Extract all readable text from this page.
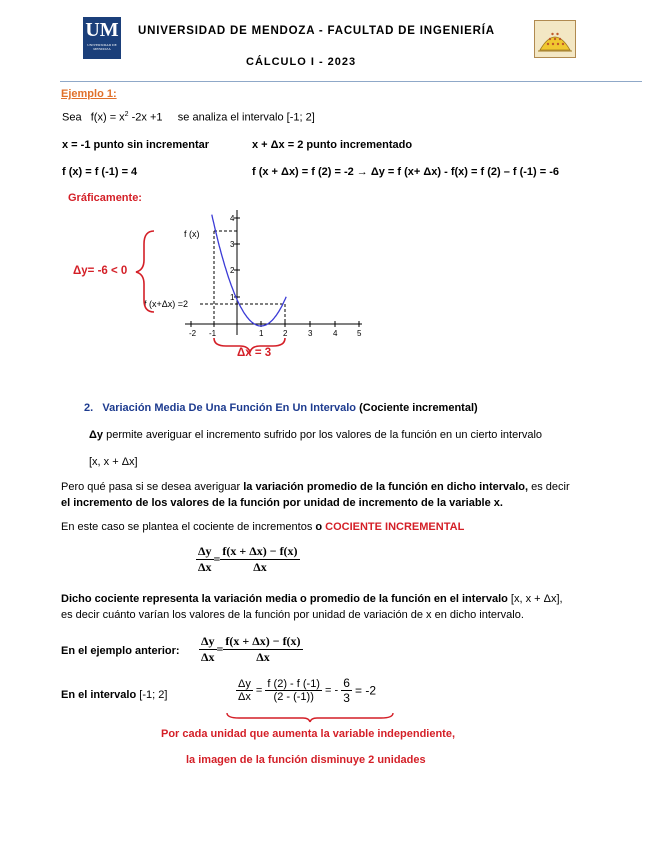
UM
UNIVERSIDAD DE MENDOZA
UNIVERSIDAD DE MENDOZA - FACULTAD DE INGENIERÍA
CÁLCULO I - 2023
Ejemplo 1:
Sea $f(x) = x^2$ -2x +1 se analiza el intervalo [-1; 2]
x = -1 punto sin incrementar	x + Δx = 2 punto incrementado
f (x) = f (-1) = 4	f (x + Δx) = f (2) = -2 → Δy = f (x+ Δx) - f(x) = f (2) – f (-1) = -6
Gráficamente:
-2 -1	1 2	3	4 5
1
2
3
4
f (x)
f (x+Δx) =2
Δy= -6 < 0
Δx = 3
2. Variación Media De Una Función En Un Intervalo (Cociente incremental)
Δy permite averiguar el incremento sufrido por los valores de la función en un cierto intervalo
[x, x + Δx]
Pero qué pasa si se desea averiguar la variación promedio de la función en dicho intervalo, es decir
el incremento de los valores de la función por unidad de incremento de la variable x.
En este caso se plantea el cociente de incrementos o COCIENTE INCREMENTAL
$\frac{\Delta y}{\Delta x} = \frac{f(x + \Delta x) - f(x)}{\Delta x}$
Dicho cociente representa la variación media o promedio de la función en el intervalo [x, x + Δx],
es decir cuánto varían los valores de la función por unidad de variación de x en dicho intervalo.
En el ejemplo anterior: $\frac{\Delta y}{\Delta x} = \frac{f(x + \Delta x) - f(x)}{\Delta x}$
En el intervalo [-1; 2]	$\frac{\Delta y}{\Delta x} = \frac{f (2) - f (-1)}{(2 - (-1))}$ = - $\frac{6}{3} = -2$
Por cada unidad que aumenta la variable independiente,
la imagen de la función disminuye 2 unidades
